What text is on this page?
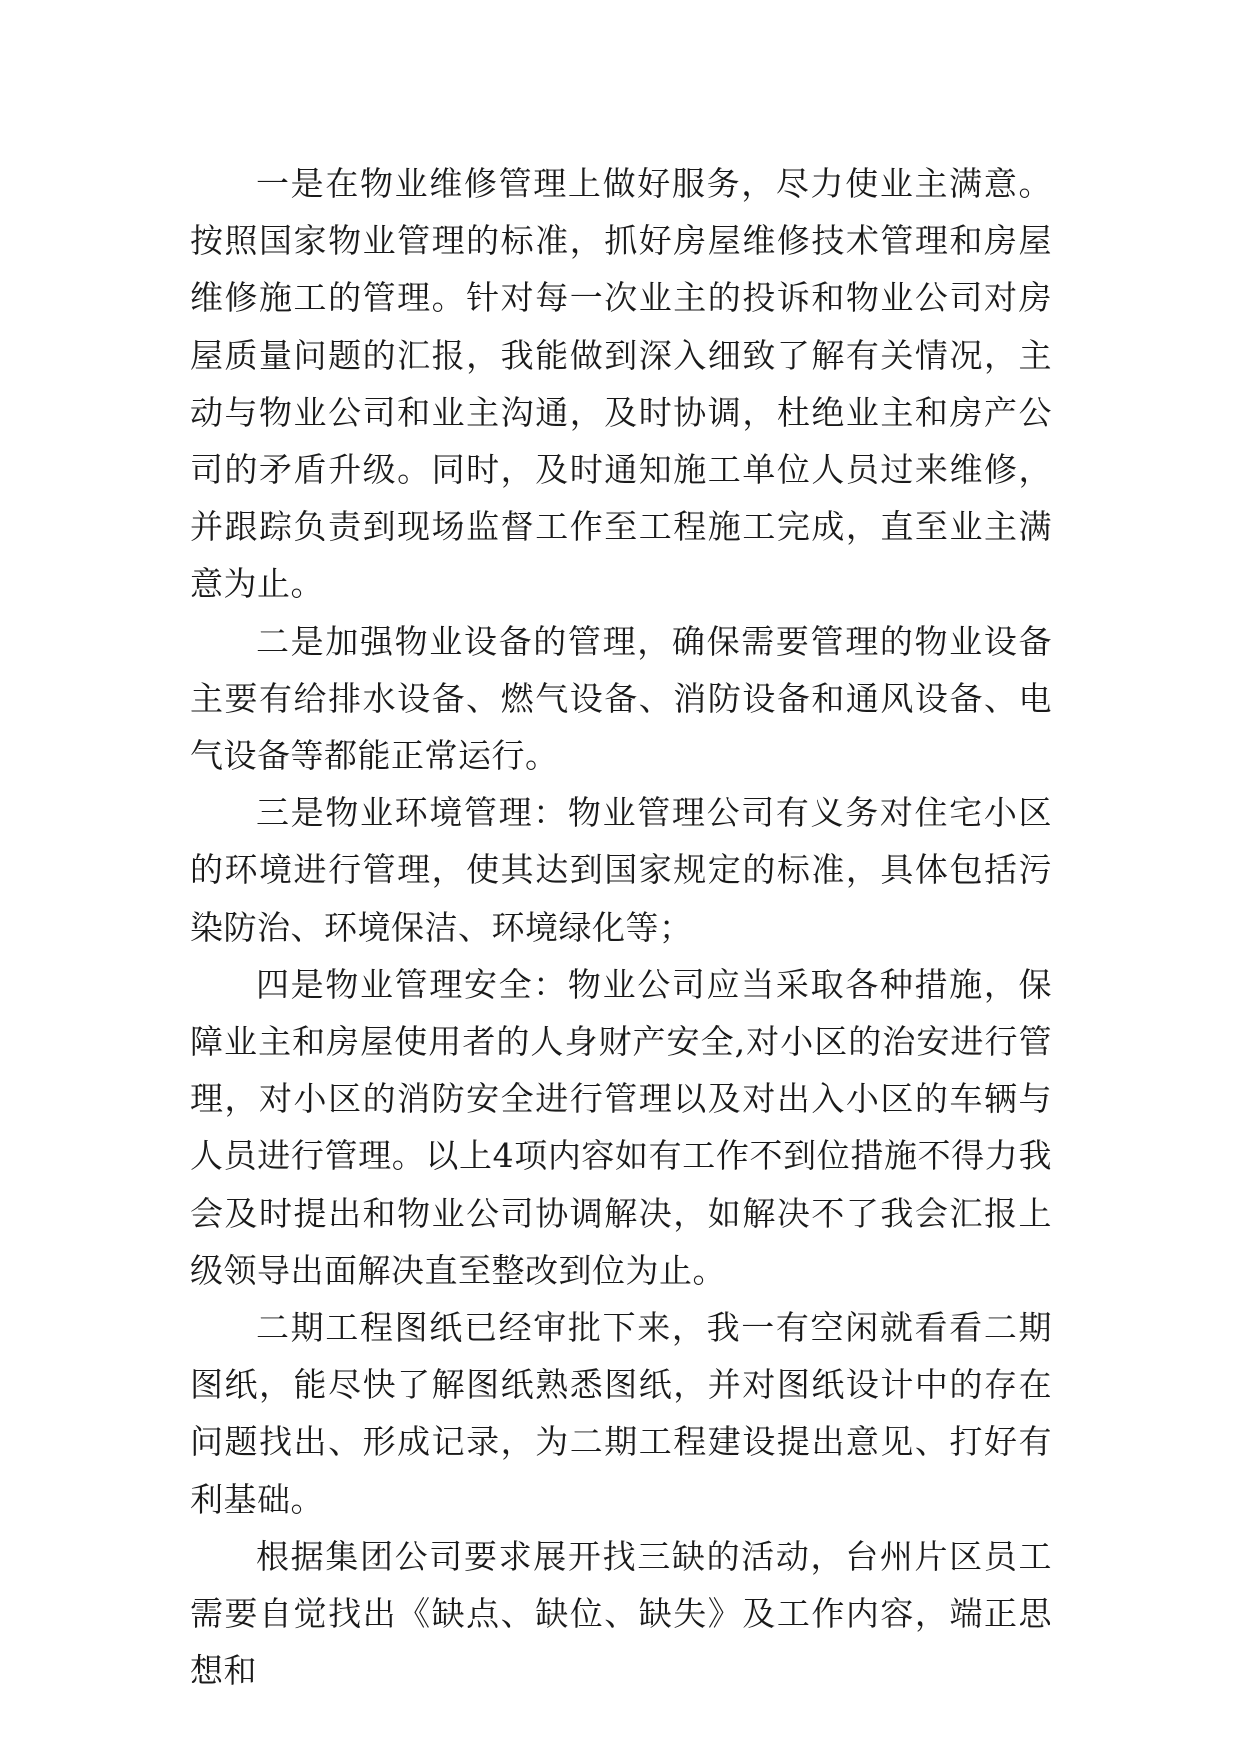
一是在物业维修管理上做好服务，尽力使业主满意。按照国家物业管理的标准，抓好房屋维修技术管理和房屋维修施工的管理。针对每一次业主的投诉和物业公司对房屋质量问题的汇报，我能做到深入细致了解有关情况，主动与物业公司和业主沟通，及时协调，杜绝业主和房产公司的矛盾升级。同时，及时通知施工单位人员过来维修，并跟踪负责到现场监督工作至工程施工完成，直至业主满意为止。

二是加强物业设备的管理，确保需要管理的物业设备主要有给排水设备、燃气设备、消防设备和通风设备、电气设备等都能正常运行。

三是物业环境管理：物业管理公司有义务对住宅小区的环境进行管理，使其达到国家规定的标准，具体包括污染防治、环境保洁、环境绿化等；

四是物业管理安全：物业公司应当采取各种措施，保障业主和房屋使用者的人身财产安全,对小区的治安进行管理，对小区的消防安全进行管理以及对出入小区的车辆与人员进行管理。以上4项内容如有工作不到位措施不得力我会及时提出和物业公司协调解决，如解决不了我会汇报上级领导出面解决直至整改到位为止。

二期工程图纸已经审批下来，我一有空闲就看看二期图纸，能尽快了解图纸熟悉图纸，并对图纸设计中的存在问题找出、形成记录，为二期工程建设提出意见、打好有利基础。

根据集团公司要求展开找三缺的活动，台州片区员工需要自觉找出《缺点、缺位、缺失》及工作内容，端正思想和
